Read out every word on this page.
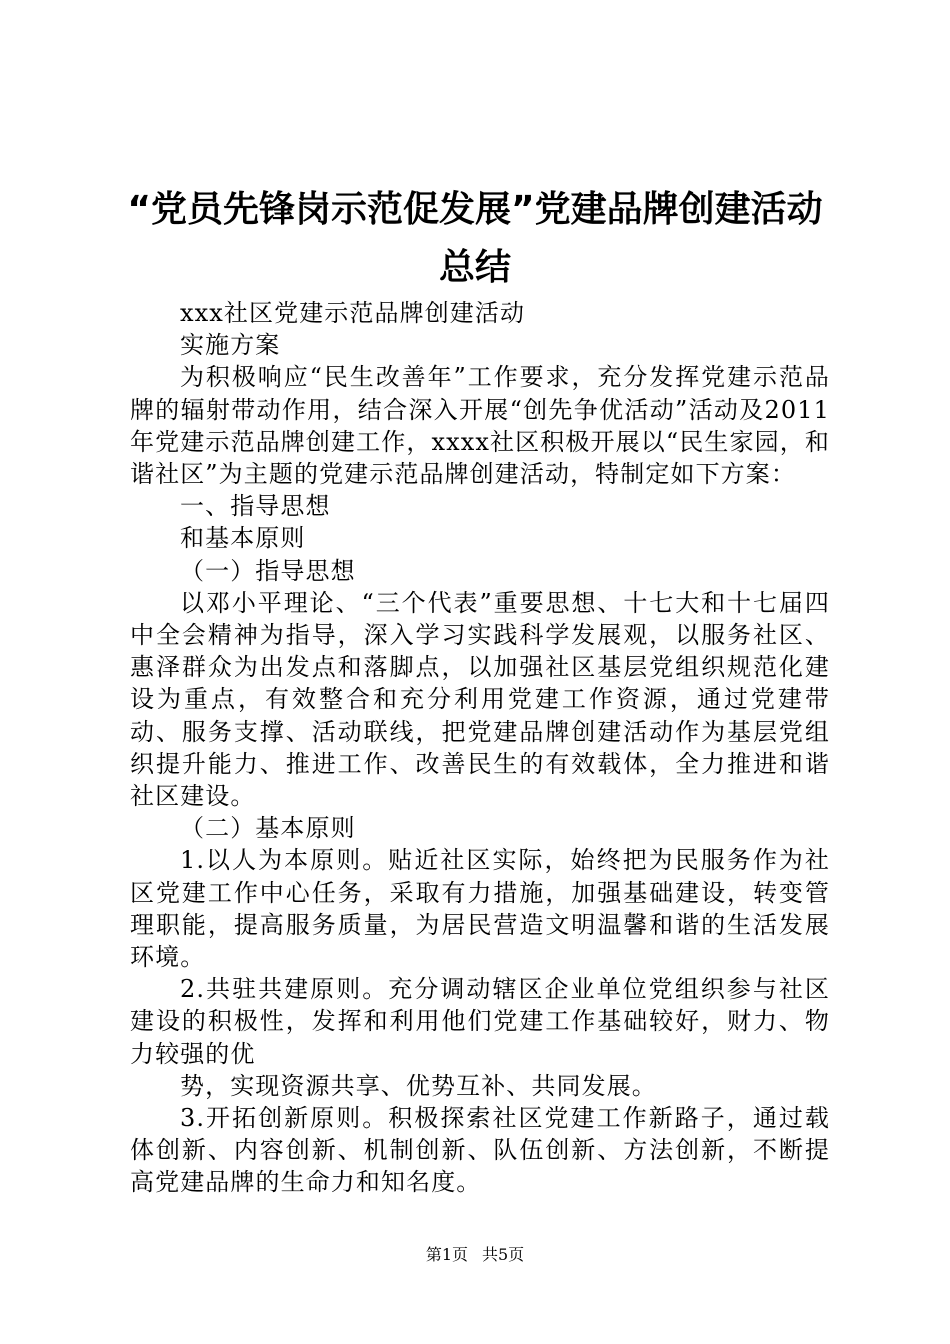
“党员先锋岗示范促发展”党建品牌创建活动
总结

xxx社区党建示范品牌创建活动

实施方案

为积极响应“民生改善年”工作要求，充分发挥党建示范品牌的辐射带动作用，结合深入开展“创先争优活动”活动及2011年党建示范品牌创建工作，xxxx社区积极开展以“民生家园，和谐社区”为主题的党建示范品牌创建活动，特制定如下方案：

一、指导思想

和基本原则

（一）指导思想

以邓小平理论、“三个代表”重要思想、十七大和十七届四中全会精神为指导，深入学习实践科学发展观，以服务社区、惠泽群众为出发点和落脚点，以加强社区基层党组织规范化建设为重点，有效整合和充分利用党建工作资源，通过党建带动、服务支撑、活动联线，把党建品牌创建活动作为基层党组织提升能力、推进工作、改善民生的有效载体，全力推进和谐社区建设。

（二）基本原则

1.以人为本原则。贴近社区实际，始终把为民服务作为社区党建工作中心任务，采取有力措施，加强基础建设，转变管理职能，提高服务质量，为居民营造文明温馨和谐的生活发展环境。

2.共驻共建原则。充分调动辖区企业单位党组织参与社区建设的积极性，发挥和利用他们党建工作基础较好，财力、物力较强的优

势，实现资源共享、优势互补、共同发展。

3.开拓创新原则。积极探索社区党建工作新路子，通过载体创新、内容创新、机制创新、队伍创新、方法创新，不断提高党建品牌的生命力和知名度。

第1页 共5页
